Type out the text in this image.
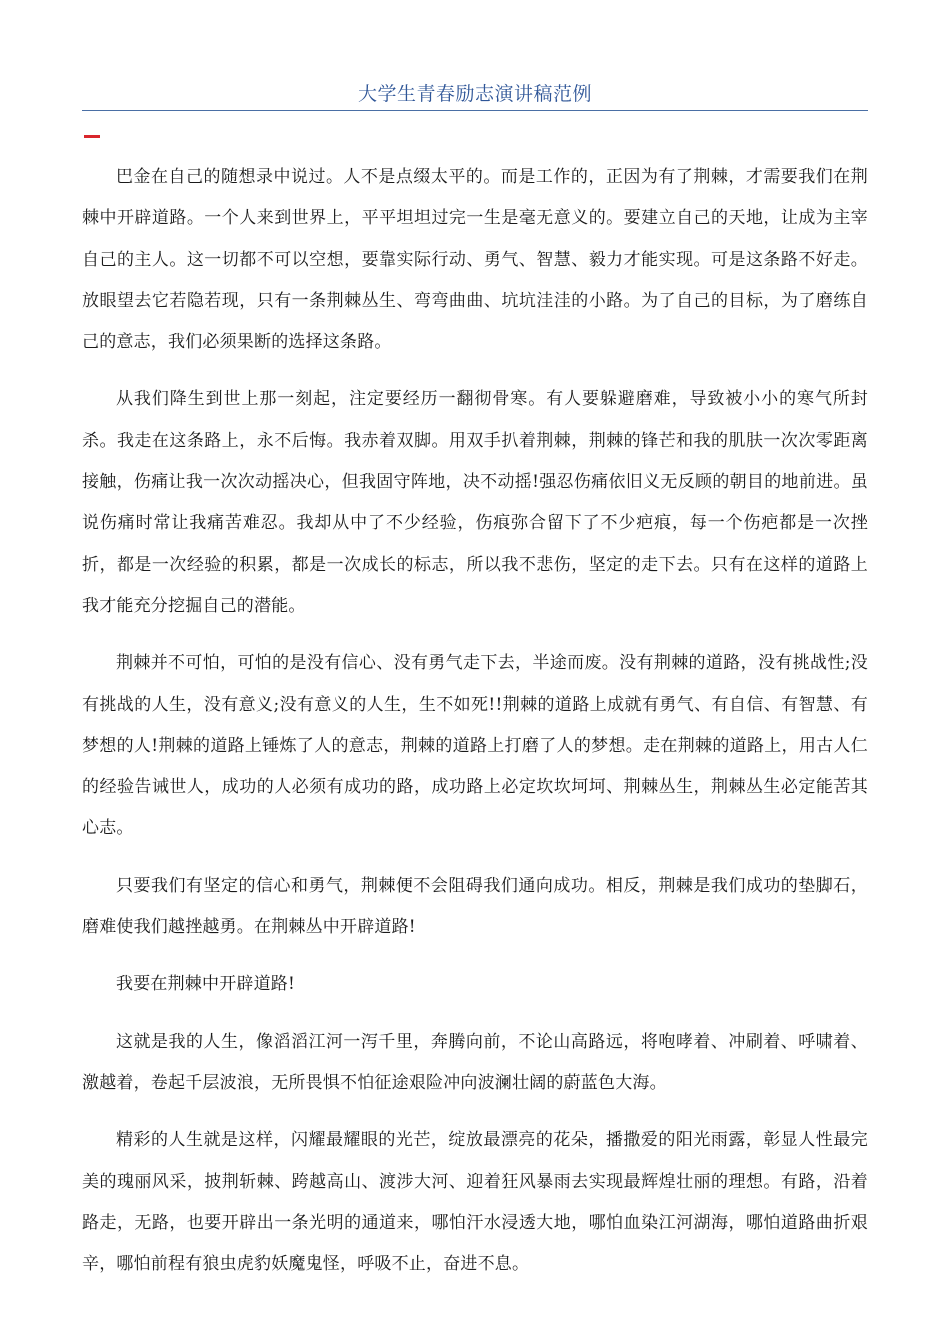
大学生青春励志演讲稿范例

巴金在自己的随想录中说过。人不是点缀太平的。而是工作的，正因为有了荆棘，才需要我们在荆棘中开辟道路。一个人来到世界上，平平坦坦过完一生是毫无意义的。要建立自己的天地，让成为主宰自己的主人。这一切都不可以空想，要靠实际行动、勇气、智慧、毅力才能实现。可是这条路不好走。放眼望去它若隐若现，只有一条荆棘丛生、弯弯曲曲、坑坑洼洼的小路。为了自己的目标，为了磨练自己的意志，我们必须果断的选择这条路。

从我们降生到世上那一刻起，注定要经历一翻彻骨寒。有人要躲避磨难，导致被小小的寒气所封杀。我走在这条路上，永不后悔。我赤着双脚。用双手扒着荆棘，荆棘的锋芒和我的肌肤一次次零距离接触，伤痛让我一次次动摇决心，但我固守阵地，决不动摇!强忍伤痛依旧义无反顾的朝目的地前进。虽说伤痛时常让我痛苦难忍。我却从中了不少经验，伤痕弥合留下了不少疤痕，每一个伤疤都是一次挫折，都是一次经验的积累，都是一次成长的标志，所以我不悲伤，坚定的走下去。只有在这样的道路上我才能充分挖掘自己的潜能。

荆棘并不可怕，可怕的是没有信心、没有勇气走下去，半途而废。没有荆棘的道路，没有挑战性;没有挑战的人生，没有意义;没有意义的人生，生不如死!!荆棘的道路上成就有勇气、有自信、有智慧、有梦想的人!荆棘的道路上锤炼了人的意志，荆棘的道路上打磨了人的梦想。走在荆棘的道路上，用古人仁的经验告诫世人，成功的人必须有成功的路，成功路上必定坎坎坷坷、荆棘丛生，荆棘丛生必定能苦其心志。

只要我们有坚定的信心和勇气，荆棘便不会阻碍我们通向成功。相反，荆棘是我们成功的垫脚石，磨难使我们越挫越勇。在荆棘丛中开辟道路!

我要在荆棘中开辟道路!

这就是我的人生，像滔滔江河一泻千里，奔腾向前，不论山高路远，将咆哮着、冲刷着、呼啸着、激越着，卷起千层波浪，无所畏惧不怕征途艰险冲向波澜壮阔的蔚蓝色大海。

精彩的人生就是这样，闪耀最耀眼的光芒，绽放最漂亮的花朵，播撒爱的阳光雨露，彰显人性最完美的瑰丽风采，披荆斩棘、跨越高山、渡涉大河、迎着狂风暴雨去实现最辉煌壮丽的理想。有路，沿着路走，无路，也要开辟出一条光明的通道来，哪怕汗水浸透大地，哪怕血染江河湖海，哪怕道路曲折艰辛，哪怕前程有狼虫虎豹妖魔鬼怪，呼吸不止，奋进不息。
